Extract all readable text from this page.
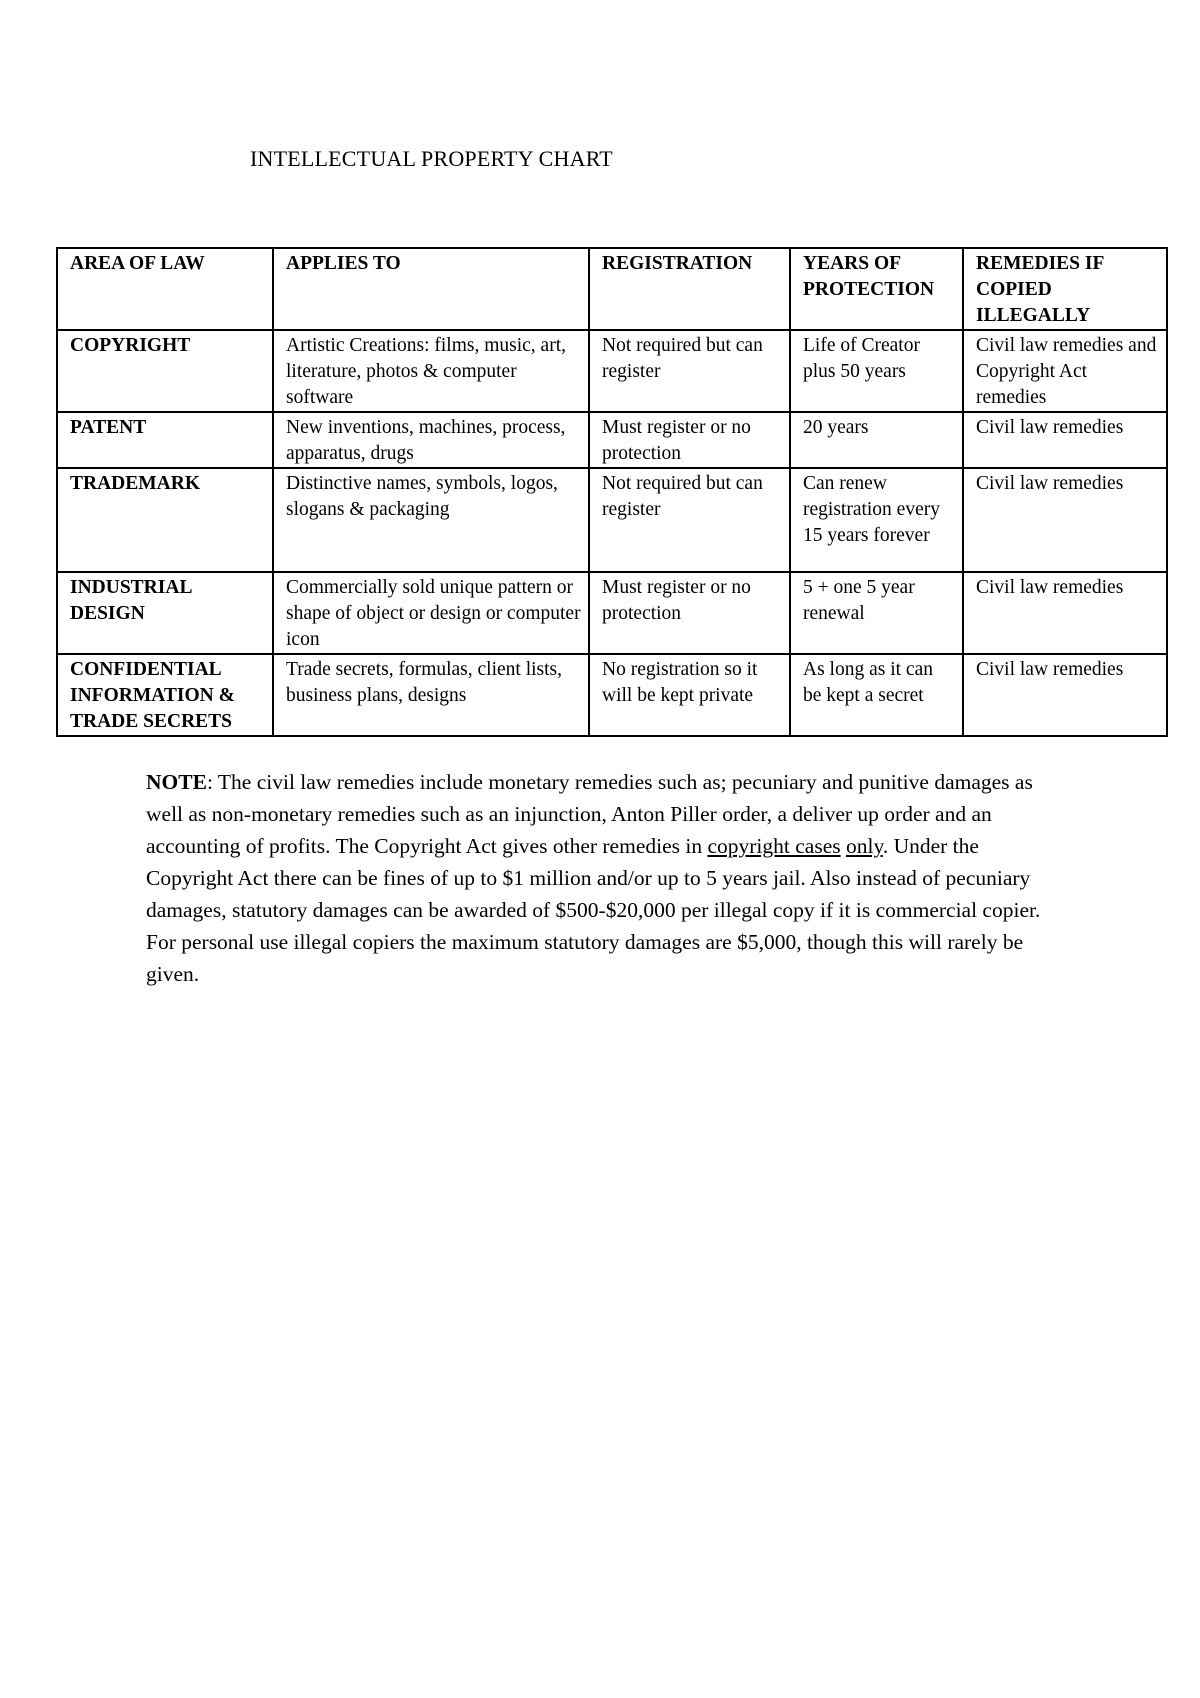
INTELLECTUAL PROPERTY CHART
AREA OF LAW	APPLIES TO	REGISTRATION	YEARS OF PROTECTION	REMEDIES IF COPIED ILLEGALLY
COPYRIGHT	Artistic Creations: films, music, art, literature, photos & computer software	Not required but can register	Life of Creator plus 50 years	Civil law remedies and Copyright Act remedies
PATENT	New inventions, machines, process, apparatus, drugs	Must register or no protection	20 years	Civil law remedies
TRADEMARK	Distinctive names, symbols, logos, slogans & packaging	Not required but can register	Can renew registration every 15 years forever	Civil law remedies
INDUSTRIAL DESIGN	Commercially sold unique pattern or shape of object or design or computer icon	Must register or no protection	5 + one 5 year renewal	Civil law remedies
CONFIDENTIAL INFORMATION & TRADE SECRETS	Trade secrets, formulas, client lists, business plans, designs	No registration so it will be kept private	As long as it can be kept a secret	Civil law remedies
NOTE: The civil law remedies include monetary remedies such as; pecuniary and punitive damages as well as non-monetary remedies such as an injunction, Anton Piller order, a deliver up order and an accounting of profits. The Copyright Act gives other remedies in copyright cases only. Under the Copyright Act there can be fines of up to $1 million and/or up to 5 years jail. Also instead of pecuniary damages, statutory damages can be awarded of $500-$20,000 per illegal copy if it is commercial copier. For personal use illegal copiers the maximum statutory damages are $5,000, though this will rarely be given.
